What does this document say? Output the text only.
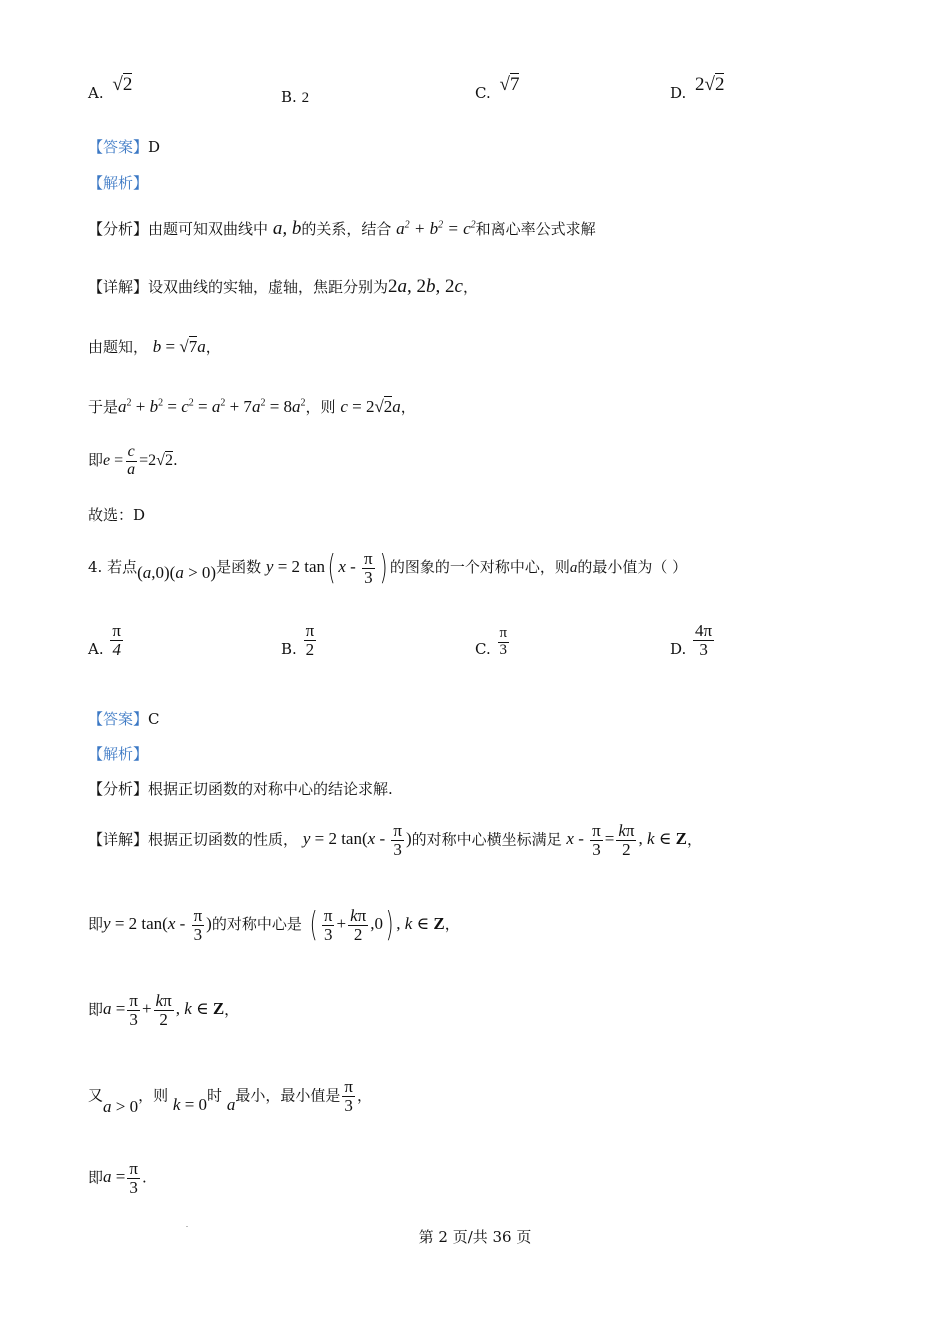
A. √2
B. 2	C. √7	D. 2√2
【答案】D
【解析】
【分析】由题可知双曲线中 a, b的关系，结合 $a^2 + b^2 = c^2$和离心率公式求解
【详解】设双曲线的实轴，虚轴，焦距分别为2a, 2b, 2c，
由题知， b = √7a，
于是$a^2 + b^2 = c^2 = a^2 + 7a^2 = 8a^2$，则 c = 2√2a，
即$e = \frac{c}{a} =2√2$.
故选：D
4. 若点(a,0)(a > 0)是函数 y = 2 tan( x - $\frac{\pi}{3}$ ) 的图象的一个对称中心，则a的最小值为（ ）
A. $\frac{\pi}{4}$	B. $\frac{\pi}{2}$	C. $\frac{\pi}{3}$	D. $\frac{4\pi}{3}$
【答案】C
【解析】
【分析】根据正切函数的对称中心的结论求解.
【详解】根据正切函数的性质， y = 2 $\tan(x - \frac{\pi}{3}$ )的对称中心横坐标满足 $x - \frac{\pi}{3} = \frac{k\pi}{2}$ , k ∈ Z，
即y = 2 $\tan(x - \frac{\pi}{3}$ )的对称中心是 ( $\frac{\pi}{3} + \frac{k\pi}{2} ,0$) , k ∈ Z，
即$a = \frac{\pi}{3} + \frac{k\pi}{2}$ , k ∈ Z，
又a > 0，则 k = 0时 a最小，最小值是 $\frac{\pi}{3}$ ，
即$a = \frac{\pi}{3}$ .
第 2 页/共 36 页
